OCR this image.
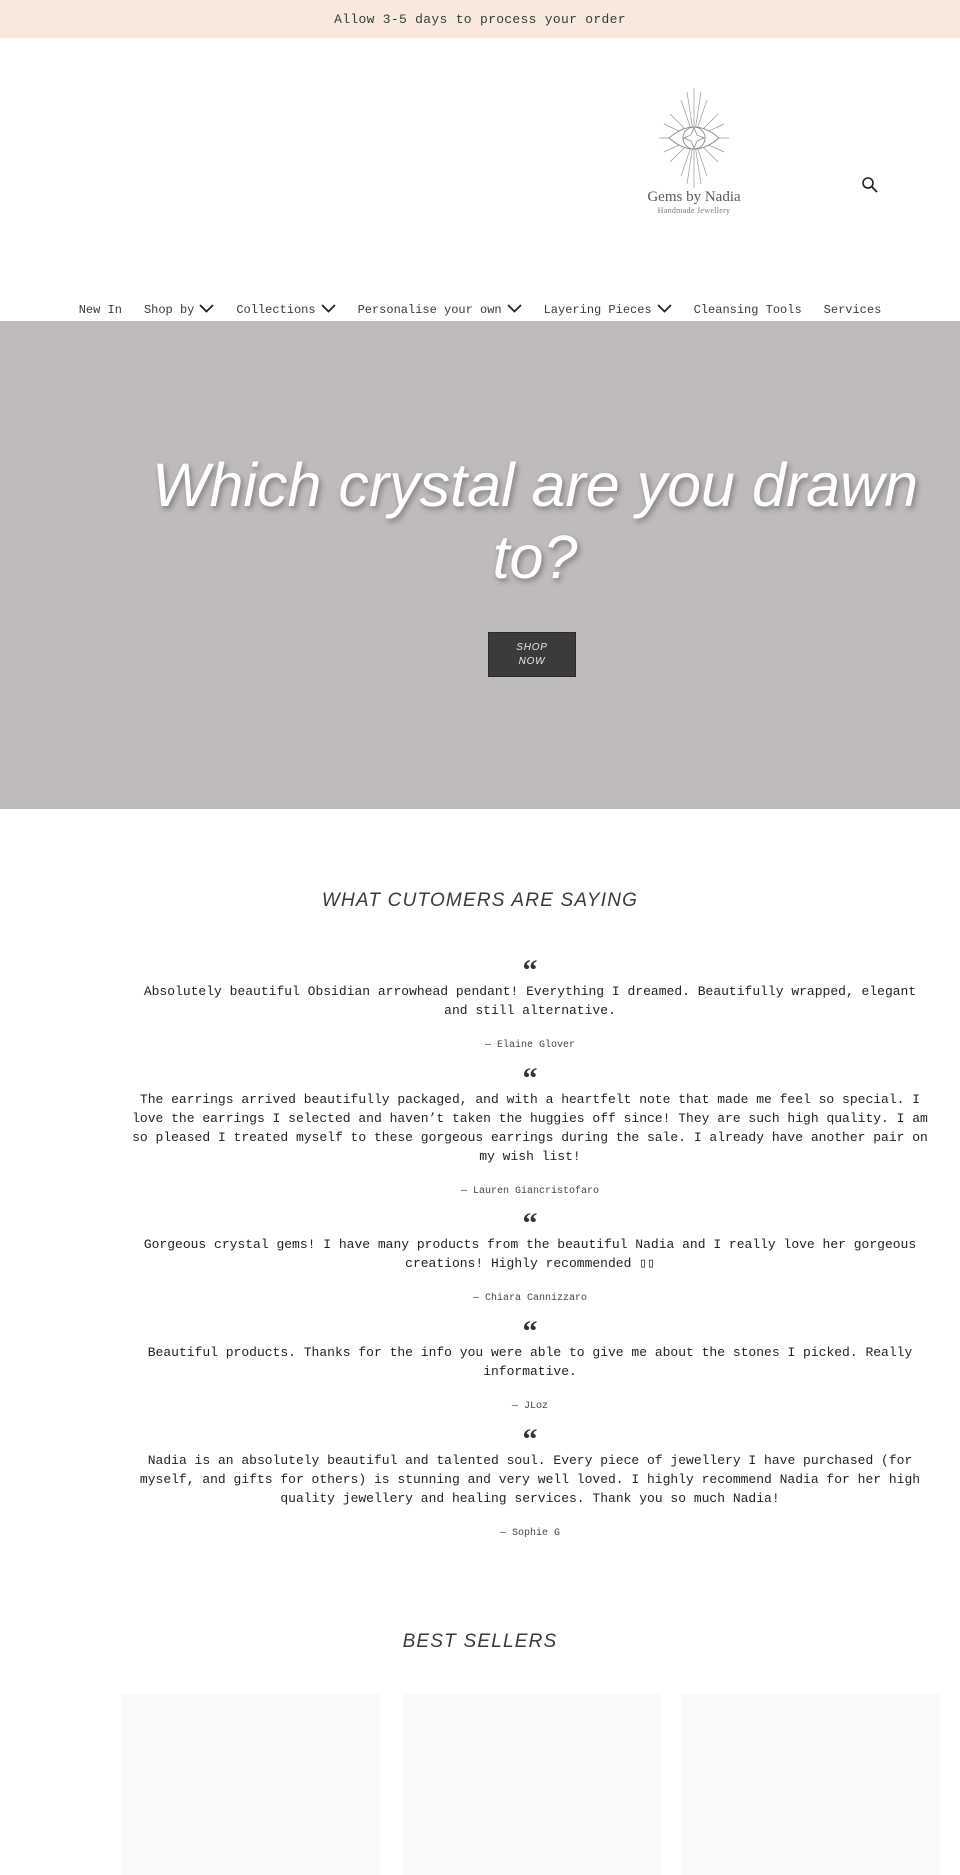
Allow 3-5 days to process your order
Gems by Nadia
Handmade Jewellery
New In Shop by	Collections	Personalise your own	Layering Pieces	Cleansing Tools Services
Which crystal are you drawn to?
SHOP NOW
WHAT CUTOMERS ARE SAYING
“
Absolutely beautiful Obsidian arrowhead pendant! Everything I dreamed. Beautifully wrapped, elegant and still alternative.
— Elaine Glover
“
The earrings arrived beautifully packaged, and with a heartfelt note that made me feel so special. I love the earrings I selected and haven’t taken the huggies off since! They are such high quality. I am so pleased I treated myself to these gorgeous earrings during the sale. I already have another pair on my wish list!
— Lauren Giancristofaro
“
Gorgeous crystal gems! I have many products from the beautiful Nadia and I really love her gorgeous creations! Highly recommended ▯▯
— Chiara Cannizzaro
“
Beautiful products. Thanks for the info you were able to give me about the stones I picked. Really informative.
— JLoz
“
Nadia is an absolutely beautiful and talented soul. Every piece of jewellery I have purchased (for myself, and gifts for others) is stunning and very well loved. I highly recommend Nadia for her high quality jewellery and healing services. Thank you so much Nadia!
— Sophie G
BEST SELLERS
